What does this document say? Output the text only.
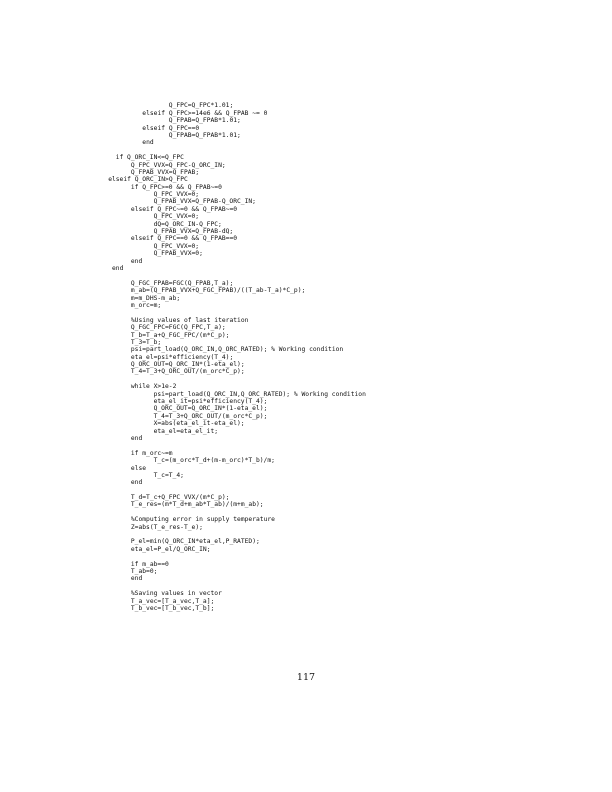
Q_FPC=Q_FPC*1.01;
elseif Q_FPC>=14e6 && Q_FPAB ~= 0
Q_FPAB=Q_FPAB*1.01;
elseif Q_FPC==0
Q_FPAB=Q_FPAB*1.01;
end
if Q_ORC_IN<=Q_FPC
Q_FPC_VVX=Q_FPC-Q_ORC_IN;
Q_FPAB_VVX=Q_FPAB;
elseif Q_ORC_IN>Q_FPC
if Q_FPC>=0 && Q_FPAB~=0
Q_FPC_VVX=0;
Q_FPAB_VVX=Q_FPAB-Q_ORC_IN;
elseif Q_FPC~=0 && Q_FPAB~=0
Q_FPC_VVX=0;
dQ=Q_ORC_IN-Q_FPC;
Q_FPAB_VVX=Q_FPAB-dQ;
elseif Q_FPC==0 && Q_FPAB==0
Q_FPC_VVX=0;
Q_FPAB_VVX=0;
end
end
Q_FGC_FPAB=FGC(Q_FPAB,T_a);
m_ab=(Q_FPAB_VVX+Q_FGC_FPAB)/((T_ab-T_a)*C_p);
m=m_DHS-m_ab;
m_orc=m;
%Using values of last iteration
Q_FGC_FPC=FGC(Q_FPC,T_a);
T_b=T_a+Q_FGC_FPC/(m*C_p);
T_3=T_b;
psi=part_load(Q_ORC_IN,Q_ORC_RATED); % Working condition
eta_el=psi*efficiency(T_4);
Q_ORC_OUT=Q_ORC_IN*(1-eta_el);
T_4=T_3+Q_ORC_OUT/(m_orc*C_p);
while X>1e-2
psi=part_load(Q_ORC_IN,Q_ORC_RATED); % Working condition
eta_el_it=psi*efficiency(T_4);
Q_ORC_OUT=Q_ORC_IN*(1-eta_el);
T_4=T_3+Q_ORC_OUT/(m_orc*C_p);
X=abs(eta_el_it-eta_el);
eta_el=eta_el_it;
end
if m_orc~=m
T_c=(m_orc*T_d+(m-m_orc)*T_b)/m;
else
T_c=T_4;
end
T_d=T_c+Q_FPC_VVX/(m*C_p);
T_e_res=(m*T_d+m_ab*T_ab)/(m+m_ab);
%Computing error in supply temperature
Z=abs(T_e_res-T_e);
P_el=min(Q_ORC_IN*eta_el,P_RATED);
eta_el=P_el/Q_ORC_IN;
if m_ab==0
T_ab=0;
end
%Saving values in vector
T_a_vec=[T_a_vec,T_a];
T_b_vec=[T_b_vec,T_b];
117
